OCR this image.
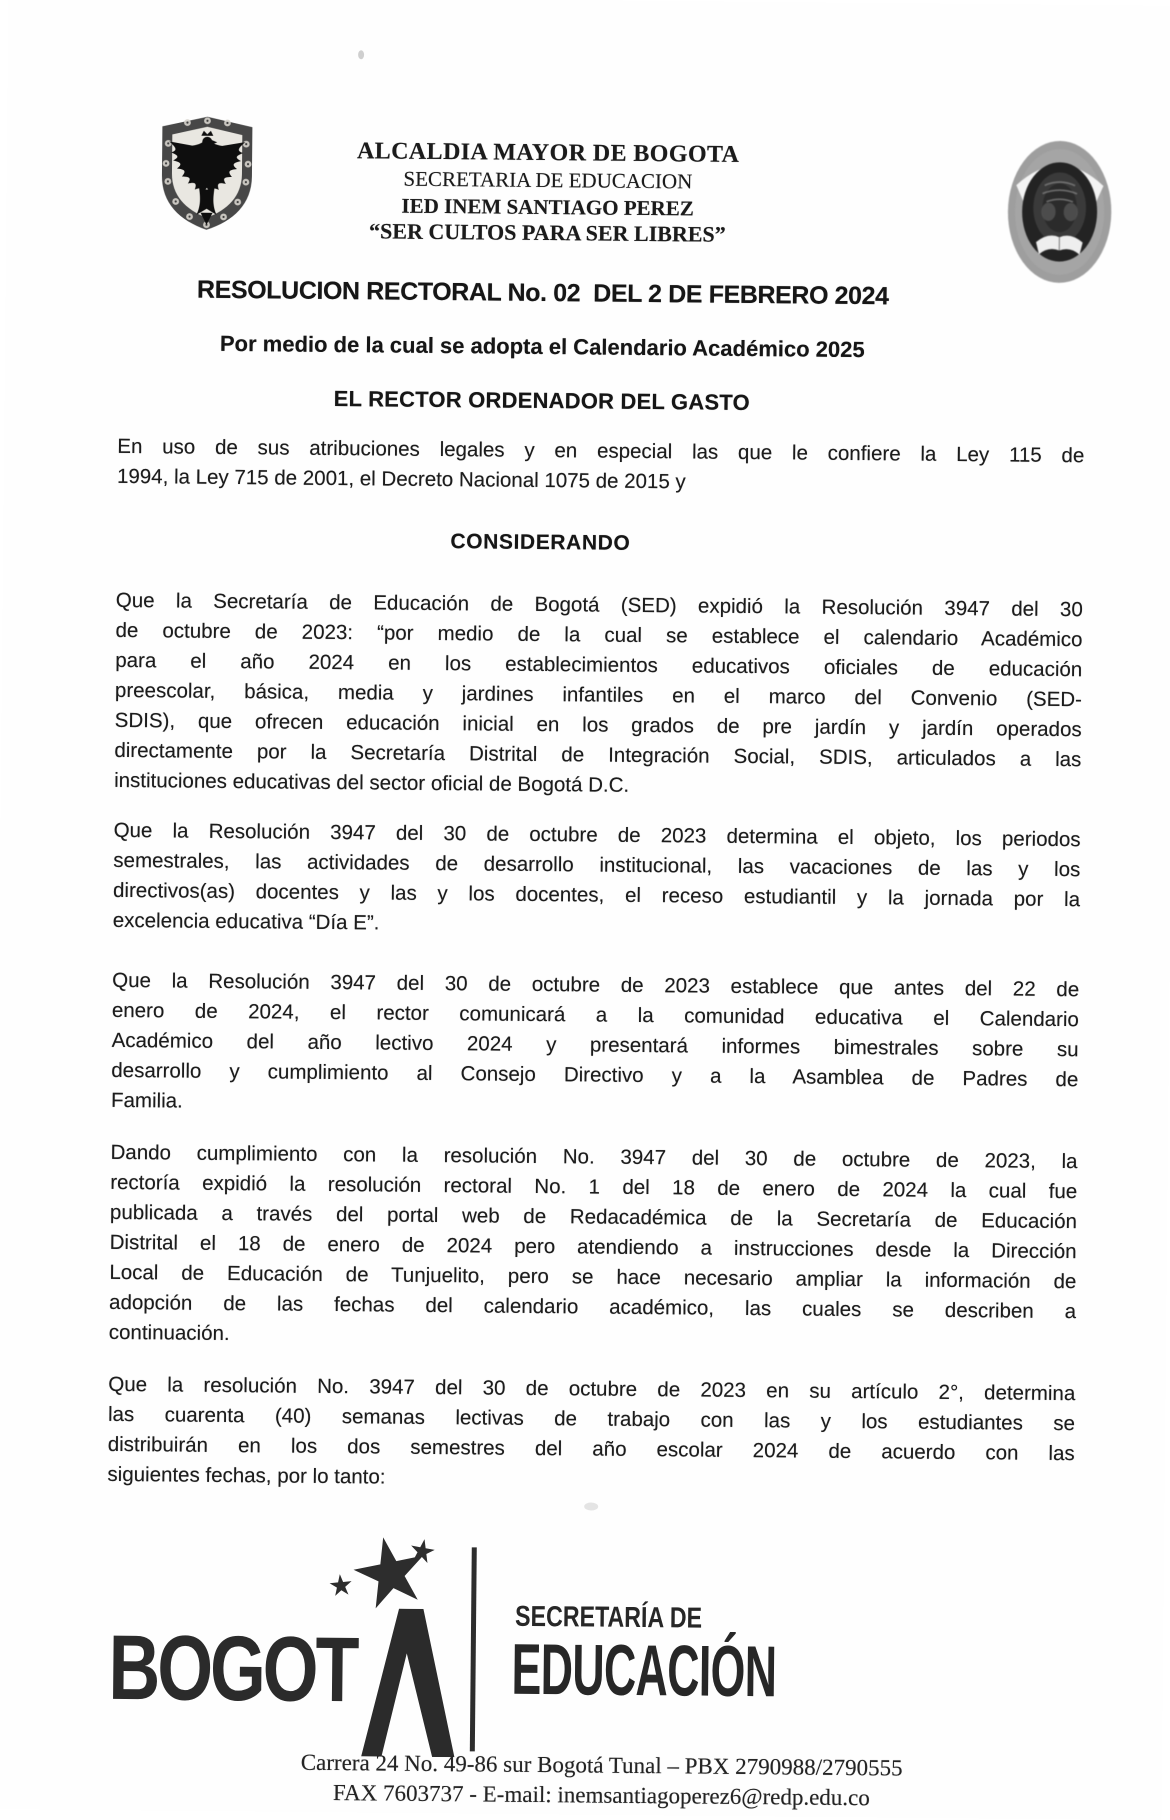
ALCALDIA MAYOR DE BOGOTA
SECRETARIA DE EDUCACION
IED INEM SANTIAGO PEREZ
“SER CULTOS PARA SER LIBRES”
RESOLUCION RECTORAL No. 02  DEL 2 DE FEBRERO 2024
Por medio de la cual se adopta el Calendario Académico 2025
EL RECTOR ORDENADOR DEL GASTO
CONSIDERANDO
En uso de sus atribuciones legales y en especial las que le confiere la Ley 115 de
1994, la Ley 715 de 2001, el Decreto Nacional 1075 de 2015 y
Que la Secretaría de Educación de Bogotá (SED) expidió la Resolución 3947 del 30
de octubre de 2023: “por medio de la cual se establece el calendario Académico
para el año 2024 en los establecimientos educativos oficiales de educación
preescolar, básica, media y jardines infantiles en el marco del Convenio (SED-
SDIS), que ofrecen educación inicial en los grados de pre jardín y jardín operados
directamente por la Secretaría Distrital de Integración Social, SDIS, articulados a las
instituciones educativas del sector oficial de Bogotá D.C.
Que la Resolución 3947 del 30 de octubre de 2023 determina el objeto, los periodos
semestrales, las actividades de desarrollo institucional, las vacaciones de las y los
directivos(as) docentes y las y los docentes, el receso estudiantil y la jornada por la
excelencia educativa “Día E”.
Que la Resolución 3947 del 30 de octubre de 2023 establece que antes del 22 de
enero de 2024, el rector comunicará a la comunidad educativa el Calendario
Académico del año lectivo 2024 y presentará informes bimestrales sobre su
desarrollo y cumplimiento al Consejo Directivo y a la Asamblea de Padres de
Familia.
Dando cumplimiento con la resolución No. 3947 del 30 de octubre de 2023, la
rectoría expidió la resolución rectoral No. 1 del 18 de enero de 2024 la cual fue
publicada a través del portal web de Redacadémica de la Secretaría de Educación
Distrital el 18 de enero de 2024 pero atendiendo a instrucciones desde la Dirección
Local de Educación de Tunjuelito, pero se hace necesario ampliar la información de
adopción de las fechas del calendario académico, las cuales se describen a
continuación.
Que la resolución No. 3947 del 30 de octubre de 2023 en su artículo 2°, determina
las cuarenta (40) semanas lectivas de trabajo con las y los estudiantes se
distribuirán en los dos semestres del año escolar 2024 de acuerdo con las
siguientes fechas, por lo tanto:
BOGOT	SECRETARÍA DE
EDUCACIÓN
Carrera 24 No. 49-86 sur Bogotá Tunal – PBX 2790988/2790555
FAX 7603737 - E-mail: inemsantiagoperez6@redp.edu.co
